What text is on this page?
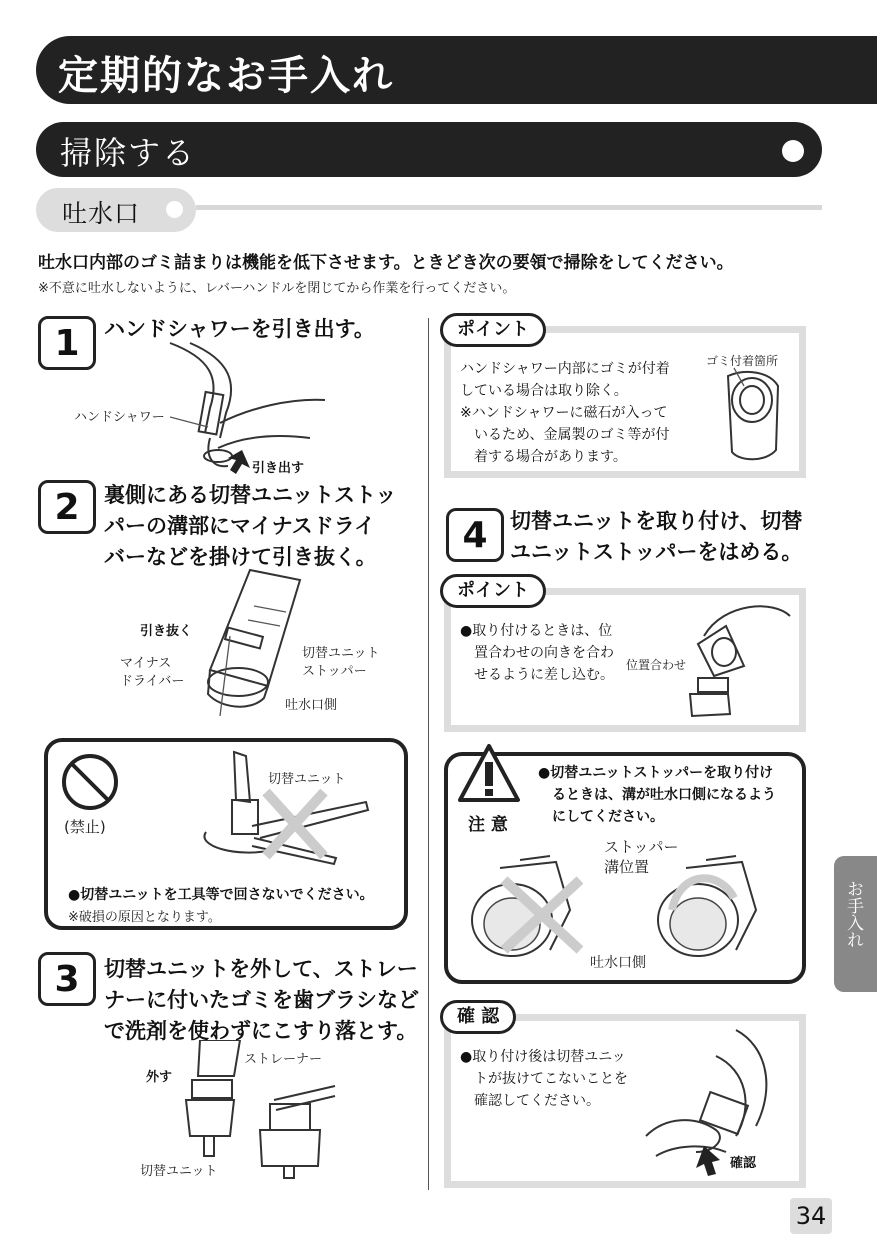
定期的なお手入れ
掃除する
吐水口
吐水口内部のゴミ詰まりは機能を低下させます。ときどき次の要領で掃除をしてください。
※不意に吐水しないように、レバーハンドルを閉じてから作業を行ってください。
1	ハンドシャワーを引き出す。
ハンドシャワー
引き出す
2	裏側にある切替ユニットストッ
パーの溝部にマイナスドライ
バーなどを掛けて引き抜く。
引き抜く
切替ユニット
ストッパー
マイナス
ドライバー
吐水口側
(禁止)
切替ユニット
●切替ユニットを工具等で回さないでください。
※破損の原因となります。
3	切替ユニットを外して、ストレー
ナーに付いたゴミを歯ブラシなど
で洗剤を使わずにこすり落とす。
ストレーナー
外す
切替ユニット
ポイント

ハンドシャワー内部にゴミが付着

している場合は取り除く。

※ハンドシャワーに磁石が入って

　いるため、金属製のゴミ等が付

　着する場合があります。

ゴミ付着箇所
4	切替ユニットを取り付け、切替
ユニットストッパーをはめる。
ポイント

●取り付けるときは、位

　置合わせの向きを合わ

　せるように差し込む。

位置合わせ
注 意

●切替ユニットストッパーを取り付け

　るときは、溝が吐水口側になるよう

　にしてください。

ストッパー
溝位置
吐水口側
確 認

●取り付け後は切替ユニッ

　トが抜けてこないことを

　確認してください。

確認
お手入れ
34
